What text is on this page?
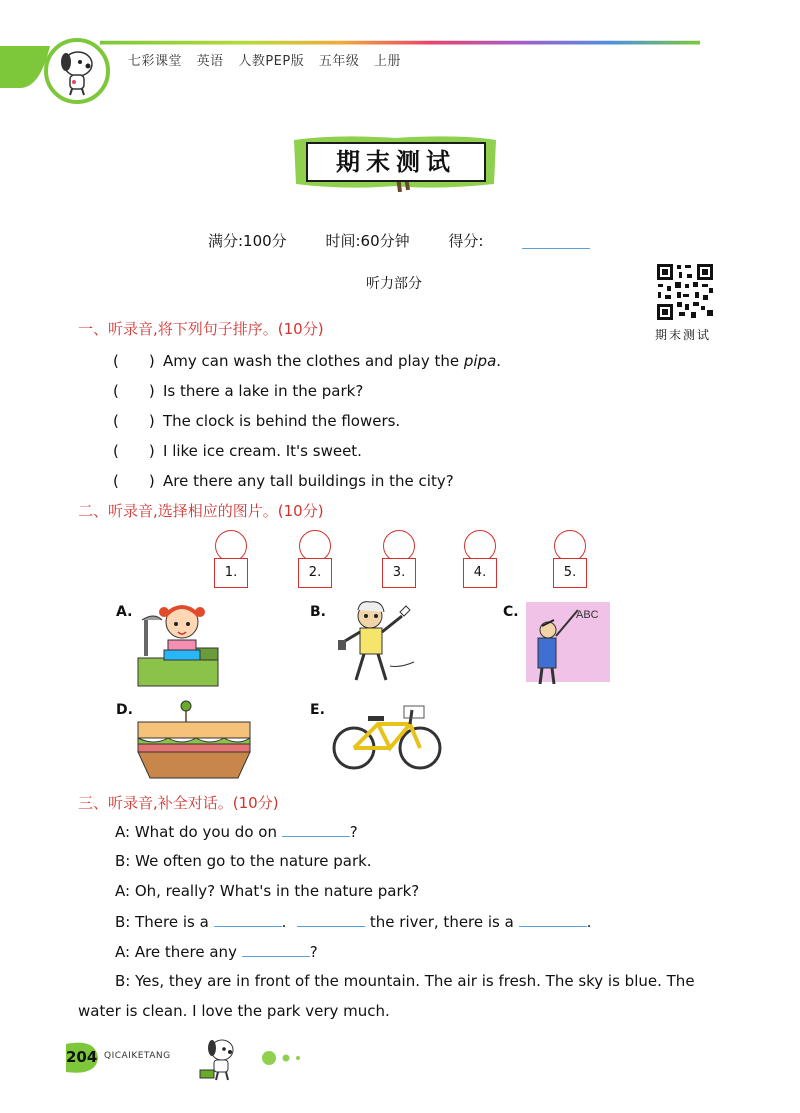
七彩课堂 英语 人教PEP版 五年级 上册
期末测试
满分:100分	时间:60分钟	得分:
听力部分
期末测试
一、听录音,将下列句子排序。(10分)
(　　) Amy can wash the clothes and play the pipa.
(　　) Is there a lake in the park?
(　　) The clock is behind the flowers.
(　　) I like ice cream. It's sweet.
(　　) Are there any tall buildings in the city?
二、听录音,选择相应的图片。(10分)
1.	2.	3.	4.	5.
A.	B.	C.
D.	E.
ABC
三、听录音,补全对话。(10分)
A: What do you do on	?
B: We often go to the nature park.
A: Oh, really? What's in the nature park?
B: There is a	.	the river, there is a	.
A: Are there any	?
B: Yes, they are in front of the mountain. The air is fresh. The sky is blue. The
water is clean. I love the park very much.
204 QICAIKETANG
